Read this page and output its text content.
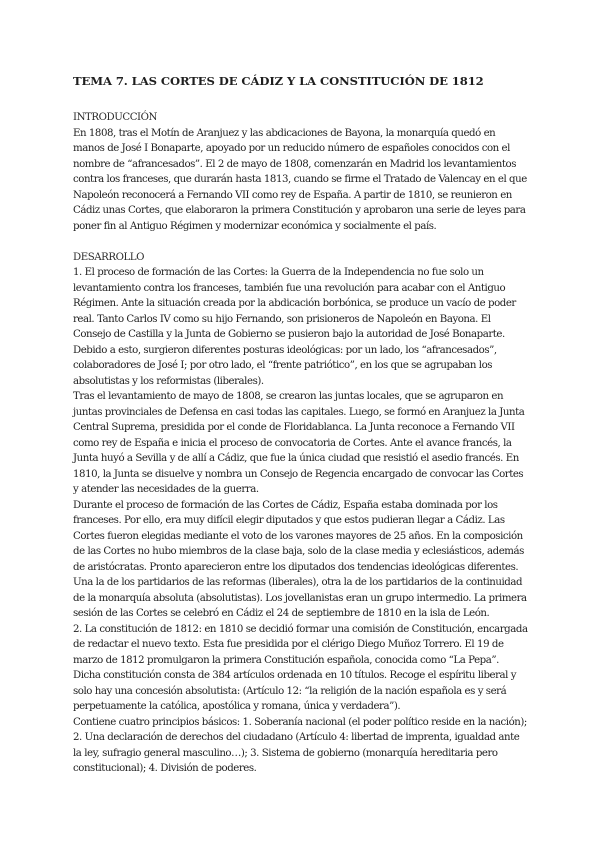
TEMA 7. LAS CORTES DE CÁDIZ Y LA CONSTITUCIÓN DE 1812

INTRODUCCIÓN

En 1808, tras el Motín de Aranjuez y las abdicaciones de Bayona, la monarquía quedó en manos de José I Bonaparte, apoyado por un reducido número de españoles conocidos con el nombre de “afrancesados”. El 2 de mayo de 1808, comenzarán en Madrid los levantamientos contra los franceses, que durarán hasta 1813, cuando se firme el Tratado de Valencay en el que Napoleón reconocerá a Fernando VII como rey de España. A partir de 1810, se reunieron en Cádiz unas Cortes, que elaboraron la primera Constitución y aprobaron una serie de leyes para poner fin al Antiguo Régimen y modernizar económica y socialmente el país.

DESARROLLO

1. El proceso de formación de las Cortes: la Guerra de la Independencia no fue solo un levantamiento contra los franceses, también fue una revolución para acabar con el Antiguo Régimen. Ante la situación creada por la abdicación borbónica, se produce un vacío de poder real. Tanto Carlos IV como su hijo Fernando, son prisioneros de Napoleón en Bayona. El Consejo de Castilla y la Junta de Gobierno se pusieron bajo la autoridad de José Bonaparte. Debido a esto, surgieron diferentes posturas ideológicas: por un lado, los “afrancesados”, colaboradores de José I; por otro lado, el “frente patriótico”, en los que se agrupaban los absolutistas y los reformistas (liberales).

Tras el levantamiento de mayo de 1808, se crearon las juntas locales, que se agruparon en juntas provinciales de Defensa en casi todas las capitales. Luego, se formó en Aranjuez la Junta Central Suprema, presidida por el conde de Floridablanca. La Junta reconoce a Fernando VII como rey de España e inicia el proceso de convocatoria de Cortes. Ante el avance francés, la Junta huyó a Sevilla y de allí a Cádiz, que fue la única ciudad que resistió el asedio francés. En 1810, la Junta se disuelve y nombra un Consejo de Regencia encargado de convocar las Cortes y atender las necesidades de la guerra.

Durante el proceso de formación de las Cortes de Cádiz, España estaba dominada por los franceses. Por ello, era muy difícil elegir diputados y que estos pudieran llegar a Cádiz. Las Cortes fueron elegidas mediante el voto de los varones mayores de 25 años. En la composición de las Cortes no hubo miembros de la clase baja, solo de la clase media y eclesiásticos, además de aristócratas. Pronto aparecieron entre los diputados dos tendencias ideológicas diferentes. Una la de los partidarios de las reformas (liberales), otra la de los partidarios de la continuidad de la monarquía absoluta (absolutistas). Los jovellanistas eran un grupo intermedio. La primera sesión de las Cortes se celebró en Cádiz el 24 de septiembre de 1810 en la isla de León.

2. La constitución de 1812: en 1810 se decidió formar una comisión de Constitución, encargada de redactar el nuevo texto. Esta fue presidida por el clérigo Diego Muñoz Torrero. El 19 de marzo de 1812 promulgaron la primera Constitución española, conocida como “La Pepa”. Dicha constitución consta de 384 artículos ordenada en 10 títulos. Recoge el espíritu liberal y solo hay una concesión absolutista: (Artículo 12: “la religión de la nación española es y será perpetuamente la católica, apostólica y romana, única y verdadera”).

Contiene cuatro principios básicos: 1. Soberanía nacional (el poder político reside en la nación); 2. Una declaración de derechos del ciudadano (Artículo 4: libertad de imprenta, igualdad ante la ley, sufragio general masculino…); 3. Sistema de gobierno (monarquía hereditaria pero constitucional); 4. División de poderes.
